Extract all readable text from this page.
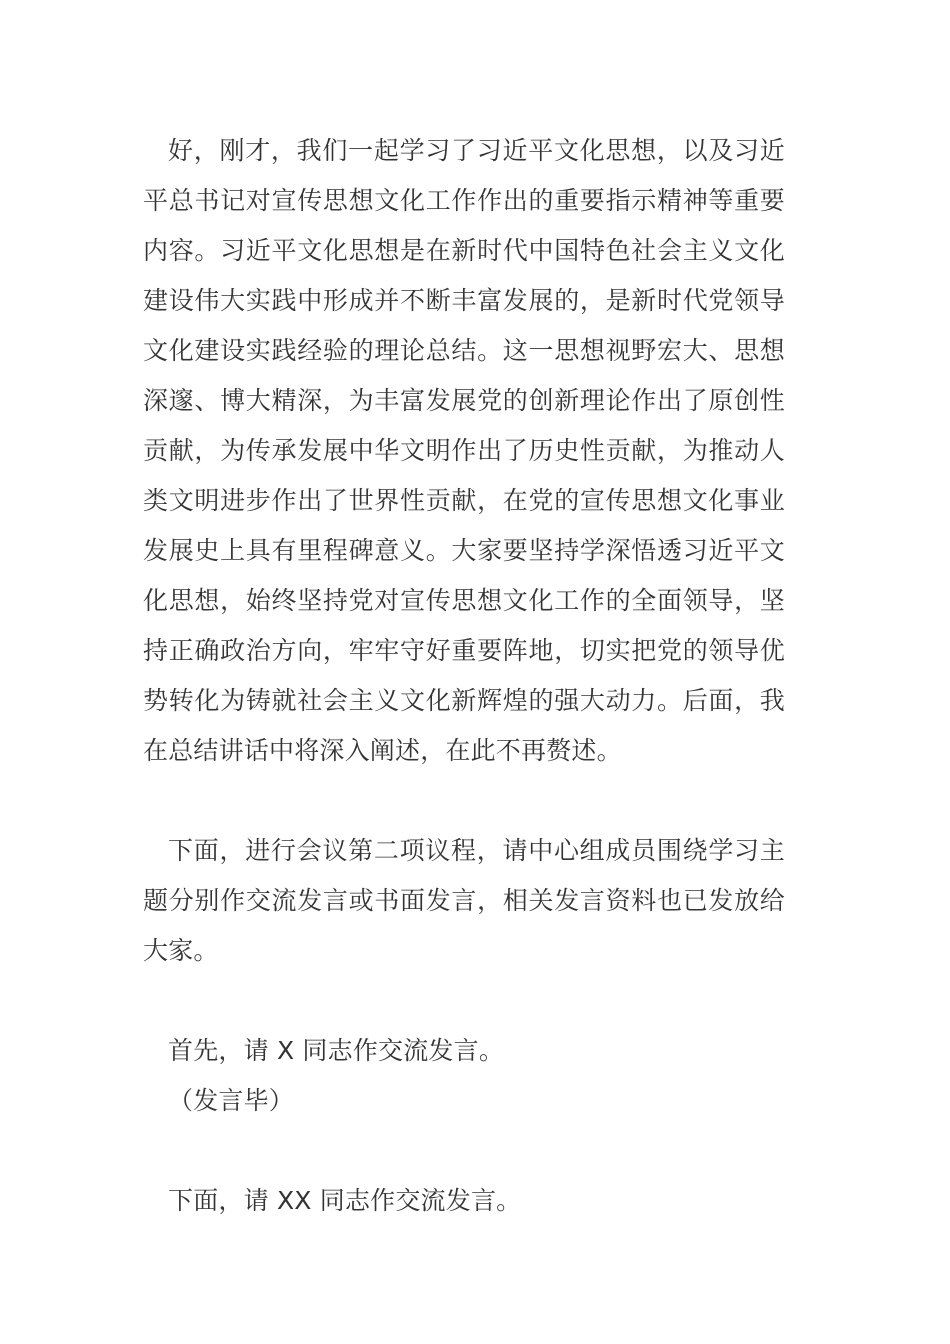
好，刚才，我们一起学习了习近平文化思想，以及习近平总书记对宣传思想文化工作作出的重要指示精神等重要内容。习近平文化思想是在新时代中国特色社会主义文化建设伟大实践中形成并不断丰富发展的，是新时代党领导文化建设实践经验的理论总结。这一思想视野宏大、思想深邃、博大精深，为丰富发展党的创新理论作出了原创性贡献，为传承发展中华文明作出了历史性贡献，为推动人类文明进步作出了世界性贡献，在党的宣传思想文化事业发展史上具有里程碑意义。大家要坚持学深悟透习近平文化思想，始终坚持党对宣传思想文化工作的全面领导，坚持正确政治方向，牢牢守好重要阵地，切实把党的领导优势转化为铸就社会主义文化新辉煌的强大动力。后面，我在总结讲话中将深入阐述，在此不再赘述。

下面，进行会议第二项议程，请中心组成员围绕学习主题分别作交流发言或书面发言，相关发言资料也已发放给大家。

首先，请 X 同志作交流发言。

（发言毕）

下面，请 XX 同志作交流发言。
